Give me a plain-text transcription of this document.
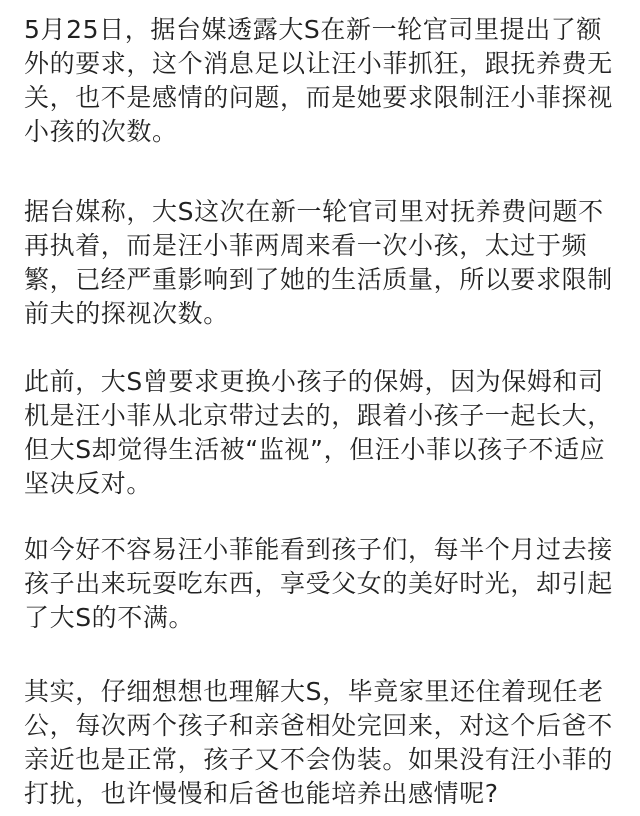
5月25日，据台媒透露大S在新一轮官司里提出了额
外的要求，这个消息足以让汪小菲抓狂，跟抚养费无
关，也不是感情的问题，而是她要求限制汪小菲探视
小孩的次数。
据台媒称，大S这次在新一轮官司里对抚养费问题不
再执着，而是汪小菲两周来看一次小孩，太过于频
繁，已经严重影响到了她的生活质量，所以要求限制
前夫的探视次数。
此前，大S曾要求更换小孩子的保姆，因为保姆和司
机是汪小菲从北京带过去的，跟着小孩子一起长大，
但大S却觉得生活被“监视”，但汪小菲以孩子不适应
坚决反对。
如今好不容易汪小菲能看到孩子们，每半个月过去接
孩子出来玩耍吃东西，享受父女的美好时光，却引起
了大S的不满。
其实，仔细想想也理解大S，毕竟家里还住着现任老
公，每次两个孩子和亲爸相处完回来，对这个后爸不
亲近也是正常，孩子又不会伪装。如果没有汪小菲的
打扰，也许慢慢和后爸也能培养出感情呢?
